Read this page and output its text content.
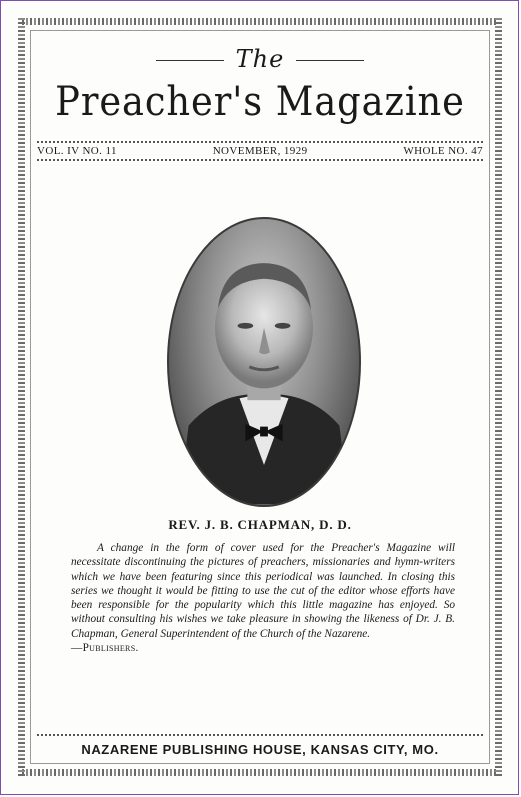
The
Preacher's Magazine
VOL. IV NO. 11	NOVEMBER, 1929	WHOLE NO. 47
REV. J. B. CHAPMAN, D. D.
A change in the form of cover used for the Preacher's Magazine will necessitate discontinuing the pictures of preachers, missionaries and hymn-writers which we have been featuring since this periodical was launched. In closing this series we thought it would be fitting to use the cut of the editor whose efforts have been responsible for the popularity which this little magazine has enjoyed. So without consulting his wishes we take pleasure in showing the likeness of Dr. J. B. Chapman, General Superintendent of the Church of the Nazarene.
—Publishers.
NAZARENE PUBLISHING HOUSE, KANSAS CITY, MO.
